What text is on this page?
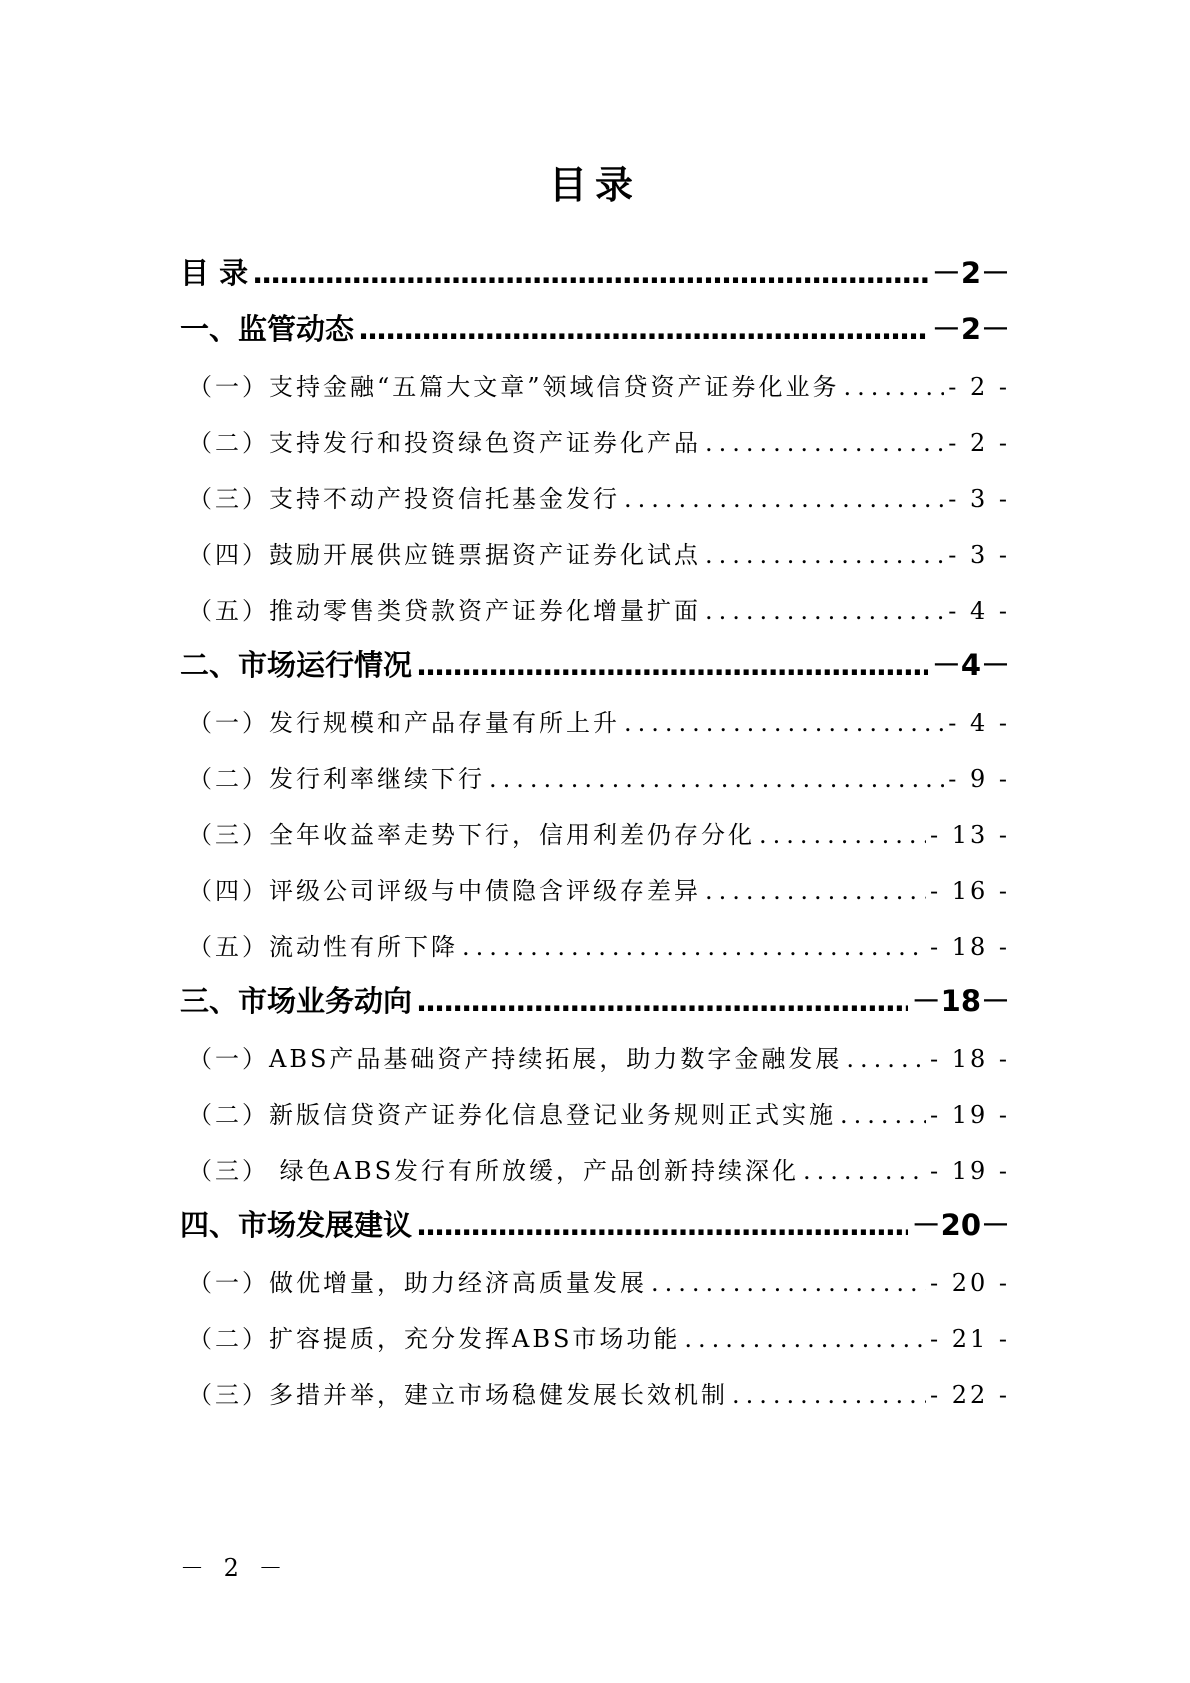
目录
目 录 .....	－2－
一、监管动态 .....	－2－
（一）支持金融“五篇大文章”领域信贷资产证券化业务 .....	- 2 -
（二）支持发行和投资绿色资产证券化产品 .....	- 2 -
（三）支持不动产投资信托基金发行 .....	- 3 -
（四）鼓励开展供应链票据资产证券化试点 .....	- 3 -
（五）推动零售类贷款资产证券化增量扩面 .....	- 4 -
二、市场运行情况 .....	－4－
（一）发行规模和产品存量有所上升 .....	- 4 -
（二）发行利率继续下行 .....	- 9 -
（三）全年收益率走势下行，信用利差仍存分化 .....	- 13 -
（四）评级公司评级与中债隐含评级存差异 .....	- 16 -
（五）流动性有所下降 .....	- 18 -
三、市场业务动向 .....	－18－
（一）ABS产品基础资产持续拓展，助力数字金融发展 .....	- 18 -
（二）新版信贷资产证券化信息登记业务规则正式实施 .....	- 19 -
（三） 绿色ABS发行有所放缓，产品创新持续深化 .....	- 19 -
四、市场发展建议 .....	－20－
（一）做优增量，助力经济高质量发展 .....	- 20 -
（二）扩容提质，充分发挥ABS市场功能 .....	- 21 -
（三）多措并举，建立市场稳健发展长效机制 .....	- 22 -
－ 2 －
